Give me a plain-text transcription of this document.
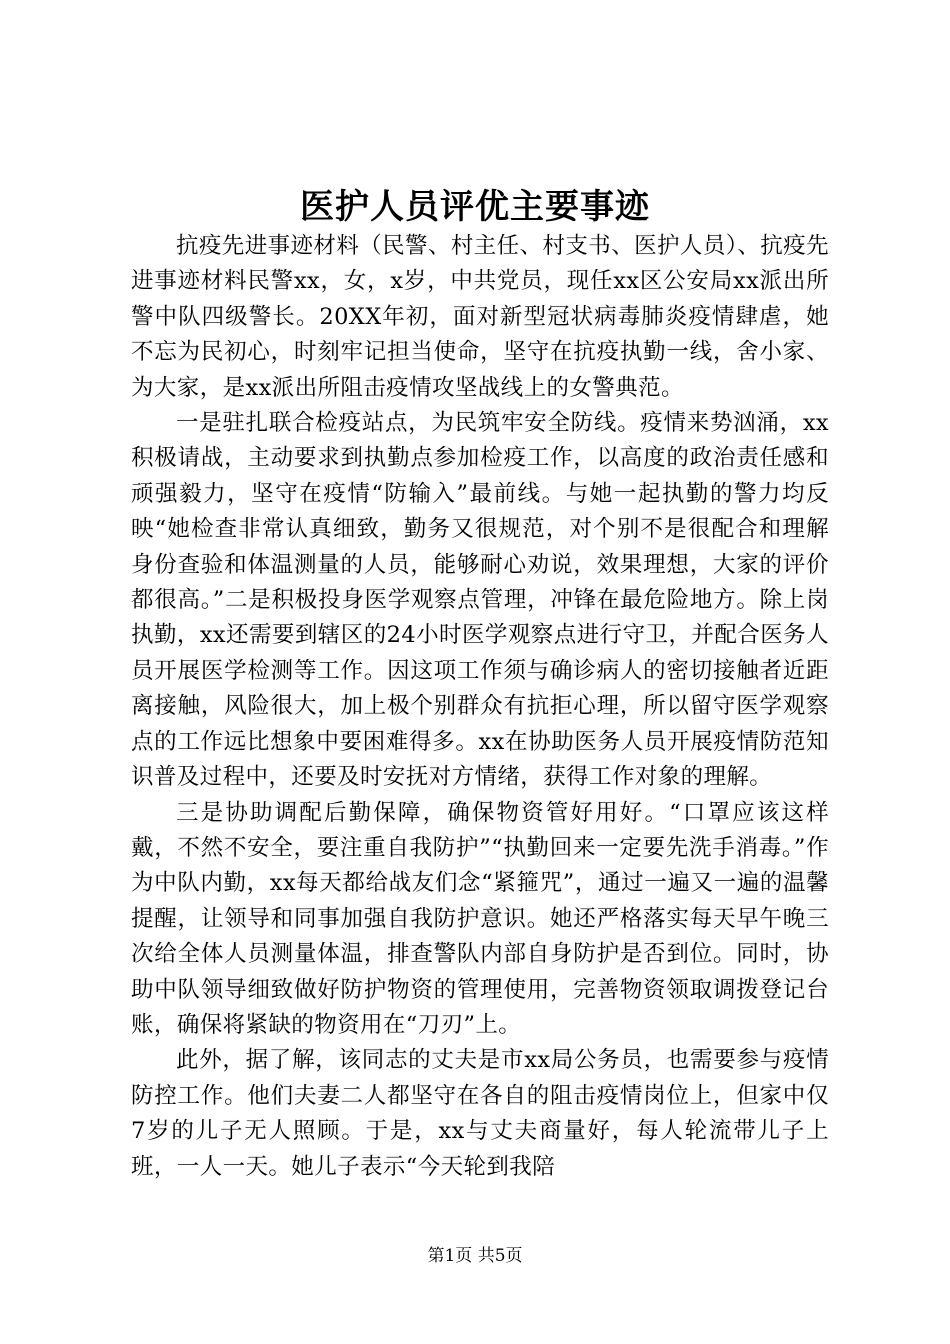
医护人员评优主要事迹

抗疫先进事迹材料（民警、村主任、村支书、医护人员）、抗疫先进事迹材料民警xx，女，x岁，中共党员，现任xx区公安局xx派出所警中队四级警长。20XX年初，面对新型冠状病毒肺炎疫情肆虐，她不忘为民初心，时刻牢记担当使命，坚守在抗疫执勤一线，舍小家、为大家，是xx派出所阻击疫情攻坚战线上的女警典范。

一是驻扎联合检疫站点，为民筑牢安全防线。疫情来势汹涌，xx积极请战，主动要求到执勤点参加检疫工作，以高度的政治责任感和顽强毅力，坚守在疫情“防输入”最前线。与她一起执勤的警力均反映“她检查非常认真细致，勤务又很规范，对个别不是很配合和理解身份查验和体温测量的人员，能够耐心劝说，效果理想，大家的评价都很高。”二是积极投身医学观察点管理，冲锋在最危险地方。除上岗执勤，xx还需要到辖区的24小时医学观察点进行守卫，并配合医务人员开展医学检测等工作。因这项工作须与确诊病人的密切接触者近距离接触，风险很大，加上极个别群众有抗拒心理，所以留守医学观察点的工作远比想象中要困难得多。xx在协助医务人员开展疫情防范知识普及过程中，还要及时安抚对方情绪，获得工作对象的理解。

三是协助调配后勤保障，确保物资管好用好。“口罩应该这样戴，不然不安全，要注重自我防护”“执勤回来一定要先洗手消毒。”作为中队内勤，xx每天都给战友们念“紧箍咒”，通过一遍又一遍的温馨提醒，让领导和同事加强自我防护意识。她还严格落实每天早午晚三次给全体人员测量体温，排查警队内部自身防护是否到位。同时，协助中队领导细致做好防护物资的管理使用，完善物资领取调拨登记台账，确保将紧缺的物资用在“刀刃”上。

此外，据了解，该同志的丈夫是市xx局公务员，也需要参与疫情防控工作。他们夫妻二人都坚守在各自的阻击疫情岗位上，但家中仅7岁的儿子无人照顾。于是，xx与丈夫商量好，每人轮流带儿子上班，一人一天。她儿子表示“今天轮到我陪

第1页 共5页
